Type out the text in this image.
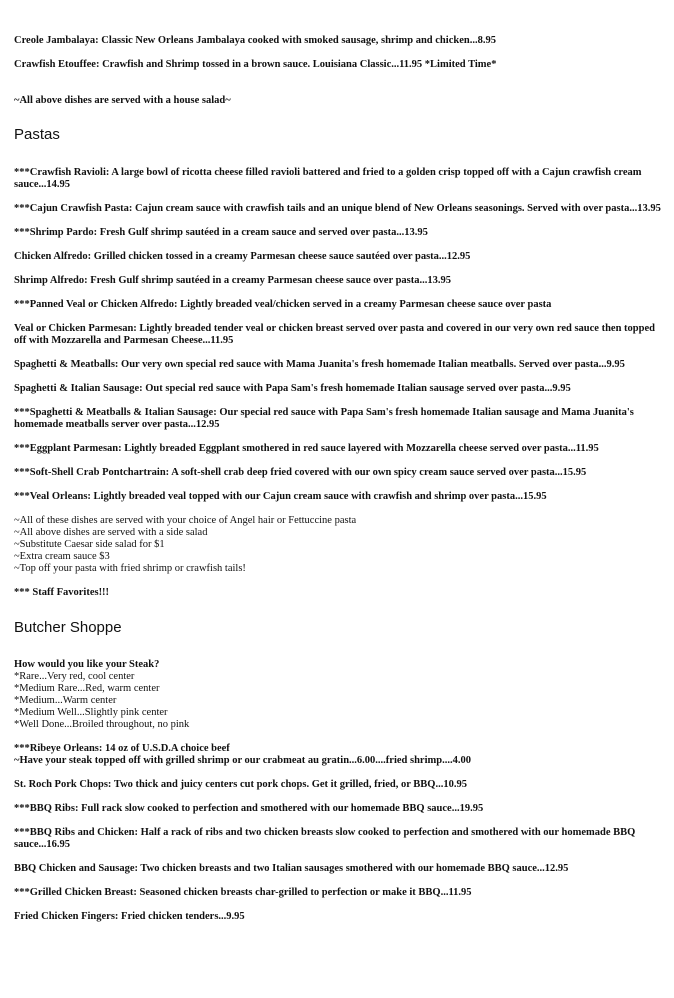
Creole Jambalaya: Classic New Orleans Jambalaya cooked with smoked sausage, shrimp and chicken...8.95

Crawfish Etouffee: Crawfish and Shrimp tossed in a brown sauce. Louisiana Classic...11.95 *Limited Time*

~All above dishes are served with a house salad~

Pastas

***Crawfish Ravioli: A large bowl of ricotta cheese filled ravioli battered and fried to a golden crisp topped off with a Cajun crawfish cream sauce...14.95

***Cajun Crawfish Pasta: Cajun cream sauce with crawfish tails and an unique blend of New Orleans seasonings. Served with over pasta...13.95

***Shrimp Pardo: Fresh Gulf shrimp sautéed in a cream sauce and served over pasta...13.95

Chicken Alfredo: Grilled chicken tossed in a creamy Parmesan cheese sauce sautéed over pasta...12.95

Shrimp Alfredo: Fresh Gulf shrimp sautéed in a creamy Parmesan cheese sauce over pasta...13.95

***Panned Veal or Chicken Alfredo: Lightly breaded veal/chicken served in a creamy Parmesan cheese sauce over pasta

Veal or Chicken Parmesan: Lightly breaded tender veal or chicken breast served over pasta and covered in our very own red sauce then topped off with Mozzarella and Parmesan Cheese...11.95

Spaghetti & Meatballs: Our very own special red sauce with Mama Juanita's fresh homemade Italian meatballs. Served over pasta...9.95

Spaghetti & Italian Sausage: Out special red sauce with Papa Sam's fresh homemade Italian sausage served over pasta...9.95

***Spaghetti & Meatballs & Italian Sausage: Our special red sauce with Papa Sam's fresh homemade Italian sausage and Mama Juanita's homemade meatballs server over pasta...12.95

***Eggplant Parmesan: Lightly breaded Eggplant smothered in red sauce layered with Mozzarella cheese served over pasta...11.95

***Soft-Shell Crab Pontchartrain: A soft-shell crab deep fried covered with our own spicy cream sauce served over pasta...15.95

***Veal Orleans: Lightly breaded veal topped with our Cajun cream sauce with crawfish and shrimp over pasta...15.95

~All of these dishes are served with your choice of Angel hair or Fettuccine pasta

~All above dishes are served with a side salad

~Substitute Caesar side salad for $1

~Extra cream sauce $3

~Top off your pasta with fried shrimp or crawfish tails!

*** Staff Favorites!!!

Butcher Shoppe

How would you like your Steak?

*Rare...Very red, cool center

*Medium Rare...Red, warm center

*Medium...Warm center

*Medium Well...Slightly pink center

*Well Done...Broiled throughout, no pink

***Ribeye Orleans: 14 oz of U.S.D.A choice beef

~Have your steak topped off with grilled shrimp or our crabmeat au gratin...6.00....fried shrimp....4.00

St. Roch Pork Chops: Two thick and juicy centers cut pork chops. Get it grilled, fried, or BBQ...10.95

***BBQ Ribs: Full rack slow cooked to perfection and smothered with our homemade BBQ sauce...19.95

***BBQ Ribs and Chicken: Half a rack of ribs and two chicken breasts slow cooked to perfection and smothered with our homemade BBQ sauce...16.95

BBQ Chicken and Sausage: Two chicken breasts and two Italian sausages smothered with our homemade BBQ sauce...12.95

***Grilled Chicken Breast: Seasoned chicken breasts char-grilled to perfection or make it BBQ...11.95

Fried Chicken Fingers: Fried chicken tenders...9.95
